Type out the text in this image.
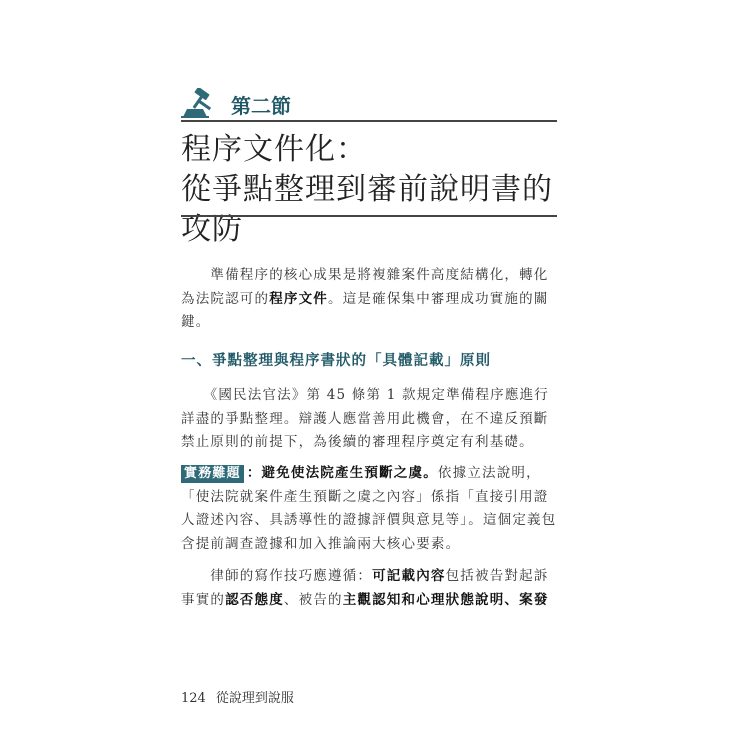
第二節
程序文件化：
從爭點整理到審前說明書的攻防

　　準備程序的核心成果是將複雜案件高度結構化，轉化為法院認可的程序文件。這是確保集中審理成功實施的關鍵。

一、爭點整理與程序書狀的「具體記載」原則

　　《國民法官法》第 45 條第 1 款規定準備程序應進行詳盡的爭點整理。辯護人應當善用此機會，在不違反預斷禁止原則的前提下，為後續的審理程序奠定有利基礎。

實務難題 ：避免使法院產生預斷之虞。依據立法說明，「使法院就案件產生預斷之虞之內容」係指「直接引用證人證述內容、具誘導性的證據評價與意見等」。這個定義包含提前調查證據和加入推論兩大核心要素。

　　律師的寫作技巧應遵循：可記載內容包括被告對起訴事實的認否態度、被告的主觀認知和心理狀態說明、案發

124 從說理到說服
